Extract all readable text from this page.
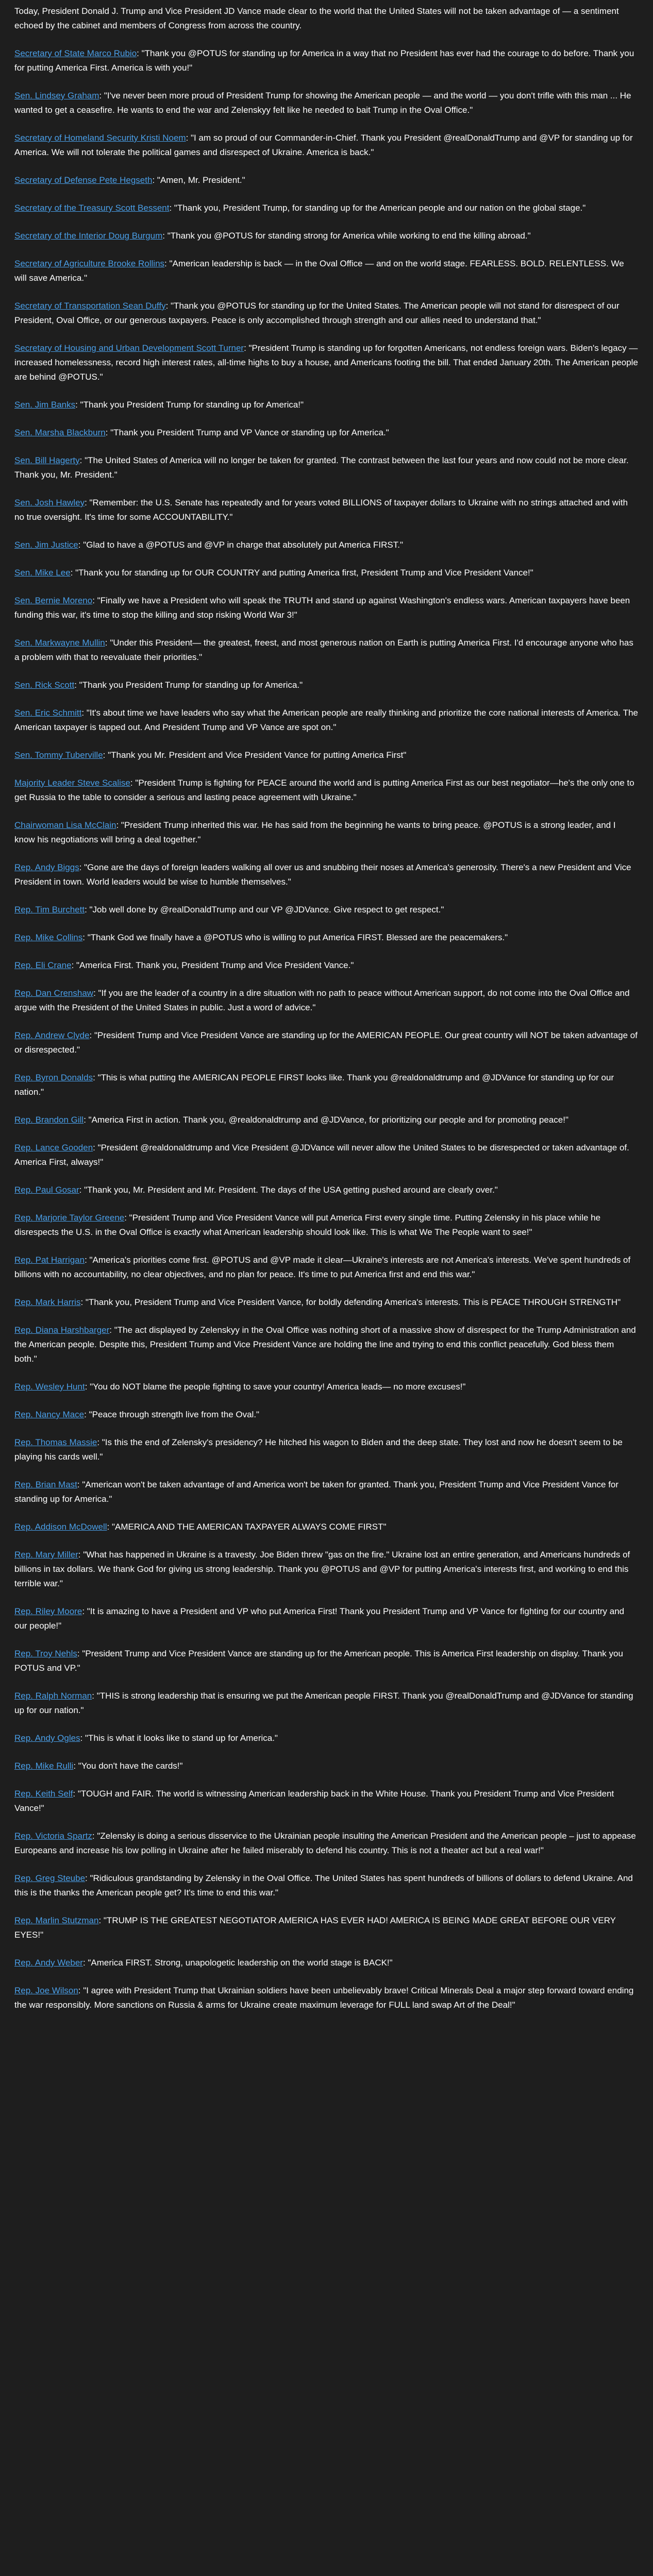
Today, President Donald J. Trump and Vice President JD Vance made clear to the world that the United States will not be taken advantage of — a sentiment echoed by the cabinet and members of Congress from across the country.

Secretary of State Marco Rubio: "Thank you @POTUS for standing up for America in a way that no President has ever had the courage to do before. Thank you for putting America First. America is with you!"

Sen. Lindsey Graham: "I've never been more proud of President Trump for showing the American people — and the world — you don't trifle with this man ... He wanted to get a ceasefire. He wants to end the war and Zelenskyy felt like he needed to bait Trump in the Oval Office."

Secretary of Homeland Security Kristi Noem: "I am so proud of our Commander-in-Chief. Thank you President @realDonaldTrump and @VP for standing up for America. We will not tolerate the political games and disrespect of Ukraine. America is back."

Secretary of Defense Pete Hegseth: "Amen, Mr. President."

Secretary of the Treasury Scott Bessent: "Thank you, President Trump, for standing up for the American people and our nation on the global stage."

Secretary of the Interior Doug Burgum: "Thank you @POTUS for standing strong for America while working to end the killing abroad."

Secretary of Agriculture Brooke Rollins: "American leadership is back — in the Oval Office — and on the world stage. FEARLESS. BOLD. RELENTLESS. We will save America."

Secretary of Transportation Sean Duffy: "Thank you @POTUS for standing up for the United States. The American people will not stand for disrespect of our President, Oval Office, or our generous taxpayers. Peace is only accomplished through strength and our allies need to understand that."

Secretary of Housing and Urban Development Scott Turner: "President Trump is standing up for forgotten Americans, not endless foreign wars. Biden's legacy — increased homelessness, record high interest rates, all-time highs to buy a house, and Americans footing the bill. That ended January 20th. The American people are behind @POTUS."

Sen. Jim Banks: "Thank you President Trump for standing up for America!"

Sen. Marsha Blackburn: "Thank you President Trump and VP Vance or standing up for America."

Sen. Bill Hagerty: "The United States of America will no longer be taken for granted. The contrast between the last four years and now could not be more clear. Thank you, Mr. President."

Sen. Josh Hawley: "Remember: the U.S. Senate has repeatedly and for years voted BILLIONS of taxpayer dollars to Ukraine with no strings attached and with no true oversight. It's time for some ACCOUNTABILITY."

Sen. Jim Justice: "Glad to have a @POTUS and @VP in charge that absolutely put America FIRST."

Sen. Mike Lee: "Thank you for standing up for OUR COUNTRY and putting America first, President Trump and Vice President Vance!"

Sen. Bernie Moreno: "Finally we have a President who will speak the TRUTH and stand up against Washington's endless wars. American taxpayers have been funding this war, it's time to stop the killing and stop risking World War 3!"

Sen. Markwayne Mullin: "Under this President— the greatest, freest, and most generous nation on Earth is putting America First. I'd encourage anyone who has a problem with that to reevaluate their priorities."

Sen. Rick Scott: "Thank you President Trump for standing up for America."

Sen. Eric Schmitt: "It's about time we have leaders who say what the American people are really thinking and prioritize the core national interests of America. The American taxpayer is tapped out. And President Trump and VP Vance are spot on."

Sen. Tommy Tuberville: "Thank you Mr. President and Vice President Vance for putting America First"

Majority Leader Steve Scalise: "President Trump is fighting for PEACE around the world and is putting America First as our best negotiator—he's the only one to get Russia to the table to consider a serious and lasting peace agreement with Ukraine."

Chairwoman Lisa McClain: "President Trump inherited this war. He has said from the beginning he wants to bring peace. @POTUS is a strong leader, and I know his negotiations will bring a deal together."

Rep. Andy Biggs: "Gone are the days of foreign leaders walking all over us and snubbing their noses at America's generosity. There's a new President and Vice President in town. World leaders would be wise to humble themselves."

Rep. Tim Burchett: "Job well done by @realDonaldTrump and our VP @JDVance. Give respect to get respect."

Rep. Mike Collins: "Thank God we finally have a @POTUS who is willing to put America FIRST. Blessed are the peacemakers."

Rep. Eli Crane: "America First. Thank you, President Trump and Vice President Vance."

Rep. Dan Crenshaw: "If you are the leader of a country in a dire situation with no path to peace without American support, do not come into the Oval Office and argue with the President of the United States in public. Just a word of advice."

Rep. Andrew Clyde: "President Trump and Vice President Vance are standing up for the AMERICAN PEOPLE. Our great country will NOT be taken advantage of or disrespected."

Rep. Byron Donalds: "This is what putting the AMERICAN PEOPLE FIRST looks like. Thank you @realdonaldtrump and @JDVance for standing up for our nation."

Rep. Brandon Gill: "America First in action. Thank you, @realdonaldtrump and @JDVance, for prioritizing our people and for promoting peace!"

Rep. Lance Gooden: "President @realdonaldtrump and Vice President @JDVance will never allow the United States to be disrespected or taken advantage of. America First, always!"

Rep. Paul Gosar: "Thank you, Mr. President and Mr. President. The days of the USA getting pushed around are clearly over."

Rep. Marjorie Taylor Greene: "President Trump and Vice President Vance will put America First every single time. Putting Zelensky in his place while he disrespects the U.S. in the Oval Office is exactly what American leadership should look like. This is what We The People want to see!"

Rep. Pat Harrigan: "America's priorities come first. @POTUS and @VP made it clear—Ukraine's interests are not America's interests. We've spent hundreds of billions with no accountability, no clear objectives, and no plan for peace. It's time to put America first and end this war."

Rep. Mark Harris: "Thank you, President Trump and Vice President Vance, for boldly defending America's interests. This is PEACE THROUGH STRENGTH"

Rep. Diana Harshbarger: "The act displayed by Zelenskyy in the Oval Office was nothing short of a massive show of disrespect for the Trump Administration and the American people. Despite this, President Trump and Vice President Vance are holding the line and trying to end this conflict peacefully. God bless them both."

Rep. Wesley Hunt: "You do NOT blame the people fighting to save your country! America leads— no more excuses!"

Rep. Nancy Mace: "Peace through strength live from the Oval."

Rep. Thomas Massie: "Is this the end of Zelensky's presidency? He hitched his wagon to Biden and the deep state. They lost and now he doesn't seem to be playing his cards well."

Rep. Brian Mast: "American won't be taken advantage of and America won't be taken for granted. Thank you, President Trump and Vice President Vance for standing up for America."

Rep. Addison McDowell: "AMERICA AND THE AMERICAN TAXPAYER ALWAYS COME FIRST"

Rep. Mary Miller: "What has happened in Ukraine is a travesty. Joe Biden threw "gas on the fire." Ukraine lost an entire generation, and Americans hundreds of billions in tax dollars. We thank God for giving us strong leadership. Thank you @POTUS and @VP for putting America's interests first, and working to end this terrible war."

Rep. Riley Moore: "It is amazing to have a President and VP who put America First! Thank you President Trump and VP Vance for fighting for our country and our people!"

Rep. Troy Nehls: "President Trump and Vice President Vance are standing up for the American people. This is America First leadership on display. Thank you POTUS and VP."

Rep. Ralph Norman: "THIS is strong leadership that is ensuring we put the American people FIRST. Thank you @realDonaldTrump and @JDVance for standing up for our nation."

Rep. Andy Ogles: "This is what it looks like to stand up for America."

Rep. Mike Rulli: "You don't have the cards!"

Rep. Keith Self: "TOUGH and FAIR. The world is witnessing American leadership back in the White House. Thank you President Trump and Vice President Vance!"

Rep. Victoria Spartz: "Zelensky is doing a serious disservice to the Ukrainian people insulting the American President and the American people – just to appease Europeans and increase his low polling in Ukraine after he failed miserably to defend his country. This is not a theater act but a real war!"

Rep. Greg Steube: "Ridiculous grandstanding by Zelensky in the Oval Office. The United States has spent hundreds of billions of dollars to defend Ukraine. And this is the thanks the American people get? It's time to end this war."

Rep. Marlin Stutzman: "TRUMP IS THE GREATEST NEGOTIATOR AMERICA HAS EVER HAD! AMERICA IS BEING MADE GREAT BEFORE OUR VERY EYES!"

Rep. Andy Weber: "America FIRST. Strong, unapologetic leadership on the world stage is BACK!"

Rep. Joe Wilson: "I agree with President Trump that Ukrainian soldiers have been unbelievably brave! Critical Minerals Deal a major step forward toward ending the war responsibly. More sanctions on Russia & arms for Ukraine create maximum leverage for FULL land swap Art of the Deal!"
